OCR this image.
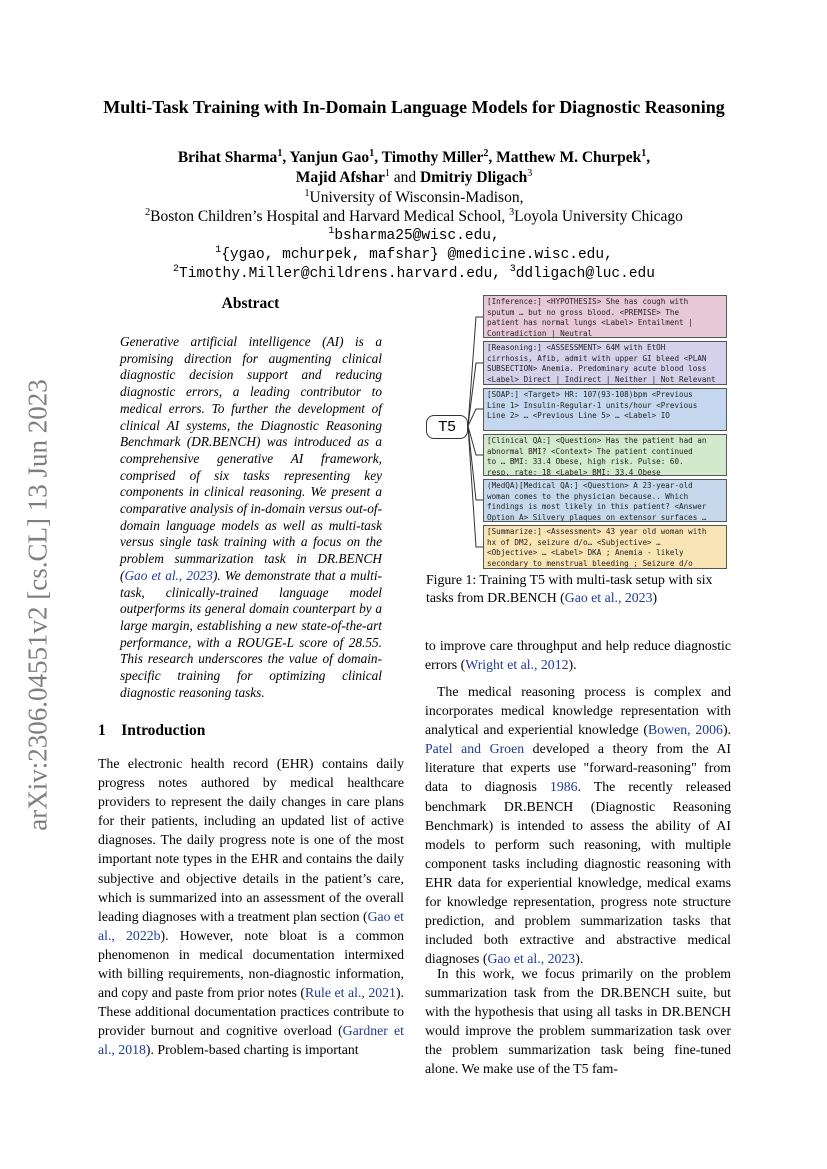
arXiv:2306.04551v2 [cs.CL] 13 Jun 2023
Multi-Task Training with In-Domain Language Models for Diagnostic Reasoning
Brihat Sharma$^1$, Yanjun Gao$^1$, Timothy Miller$^2$, Matthew M. Churpek$^1$,
Majid Afshar$^1$ and Dmitriy Dligach$^3$
$^1$University of Wisconsin-Madison,
$^2$Boston Children’s Hospital and Harvard Medical School, $^3$Loyola University Chicago
$^1$bsharma25@wisc.edu,
$^1${ygao, mchurpek, mafshar} @medicine.wisc.edu,
$^2$Timothy.Miller@childrens.harvard.edu, $^3$ddligach@luc.edu
Abstract
Generative artificial intelligence (AI) is a promising direction for augmenting clinical diagnostic decision support and reducing diagnostic errors, a leading contributor to medical errors. To further the development of clinical AI systems, the Diagnostic Reasoning Benchmark (DR.BENCH) was introduced as a comprehensive generative AI framework, comprised of six tasks representing key components in clinical reasoning. We present a comparative analysis of in-domain versus out-of-domain language models as well as multi-task versus single task training with a focus on the problem summarization task in DR.BENCH (Gao et al., 2023). We demonstrate that a multi-task, clinically-trained language model outperforms its general domain counterpart by a large margin, establishing a new state-of-the-art performance, with a ROUGE-L score of 28.55. This research underscores the value of domain-specific training for optimizing clinical diagnostic reasoning tasks.
1 Introduction
The electronic health record (EHR) contains daily progress notes authored by medical healthcare providers to represent the daily changes in care plans for their patients, including an updated list of active diagnoses. The daily progress note is one of the most important note types in the EHR and contains the daily subjective and objective details in the patient’s care, which is summarized into an assessment of the overall leading diagnoses with a treatment plan section (Gao et al., 2022b). However, note bloat is a common phenomenon in medical documentation intermixed with billing requirements, non-diagnostic information, and copy and paste from prior notes (Rule et al., 2021). These additional documentation practices contribute to provider burnout and cognitive overload (Gardner et al., 2018). Problem-based charting is important
T5
[Inference:] <HYPOTHESIS> She has cough with
sputum … but no gross blood. <PREMISE> The
patient has normal lungs <Label> Entailment |
Contradiction | Neutral
[Reasoning:] <ASSESSMENT> 64M with EtOH
cirrhosis, Afib, admit with upper GI bleed <PLAN
SUBSECTION> Anemia. Predominary acute blood loss
<Label> Direct | Indirect | Neither | Not Relevant
[SOAP:] <Target> HR: 107(93-108)bpm <Previous
Line 1> Insulin-Regular-1 units/hour <Previous
Line 2> … <Previous Line 5> … <Label> IO
[Clinical QA:] <Question> Has the patient had an
abnormal BMI? <Context> The patient continued
to … BMI: 33.4 Obese, high risk. Pulse: 60.
resp. rate: 18 <Label> BMI: 33.4 Obese
(MedQA)[Medical QA:] <Question> A 23-year-old
woman comes to the physician because.. Which
findings is most likely in this patient? <Answer
Option A> Silvery plaques on extensor surfaces …
[Summarize:] <Assessment> 43 year old woman with
hx of DM2, seizure d/o… <Subjective> …
<Objective> … <Label> DKA ; Anemia - likely
secondary to menstrual bleeding ; Seizure d/o
Figure 1: Training T5 with multi-task setup with six tasks from DR.BENCH (Gao et al., 2023)
to improve care throughput and help reduce diagnostic errors (Wright et al., 2012).
The medical reasoning process is complex and incorporates medical knowledge representation with analytical and experiential knowledge (Bowen, 2006). Patel and Groen developed a theory from the AI literature that experts use "forward-reasoning" from data to diagnosis 1986. The recently released benchmark DR.BENCH (Diagnostic Reasoning Benchmark) is intended to assess the ability of AI models to perform such reasoning, with multiple component tasks including diagnostic reasoning with EHR data for experiential knowledge, medical exams for knowledge representation, progress note structure prediction, and problem summarization tasks that included both extractive and abstractive medical diagnoses (Gao et al., 2023).
In this work, we focus primarily on the problem summarization task from the DR.BENCH suite, but with the hypothesis that using all tasks in DR.BENCH would improve the problem summarization task over the problem summarization task being fine-tuned alone. We make use of the T5 fam-
